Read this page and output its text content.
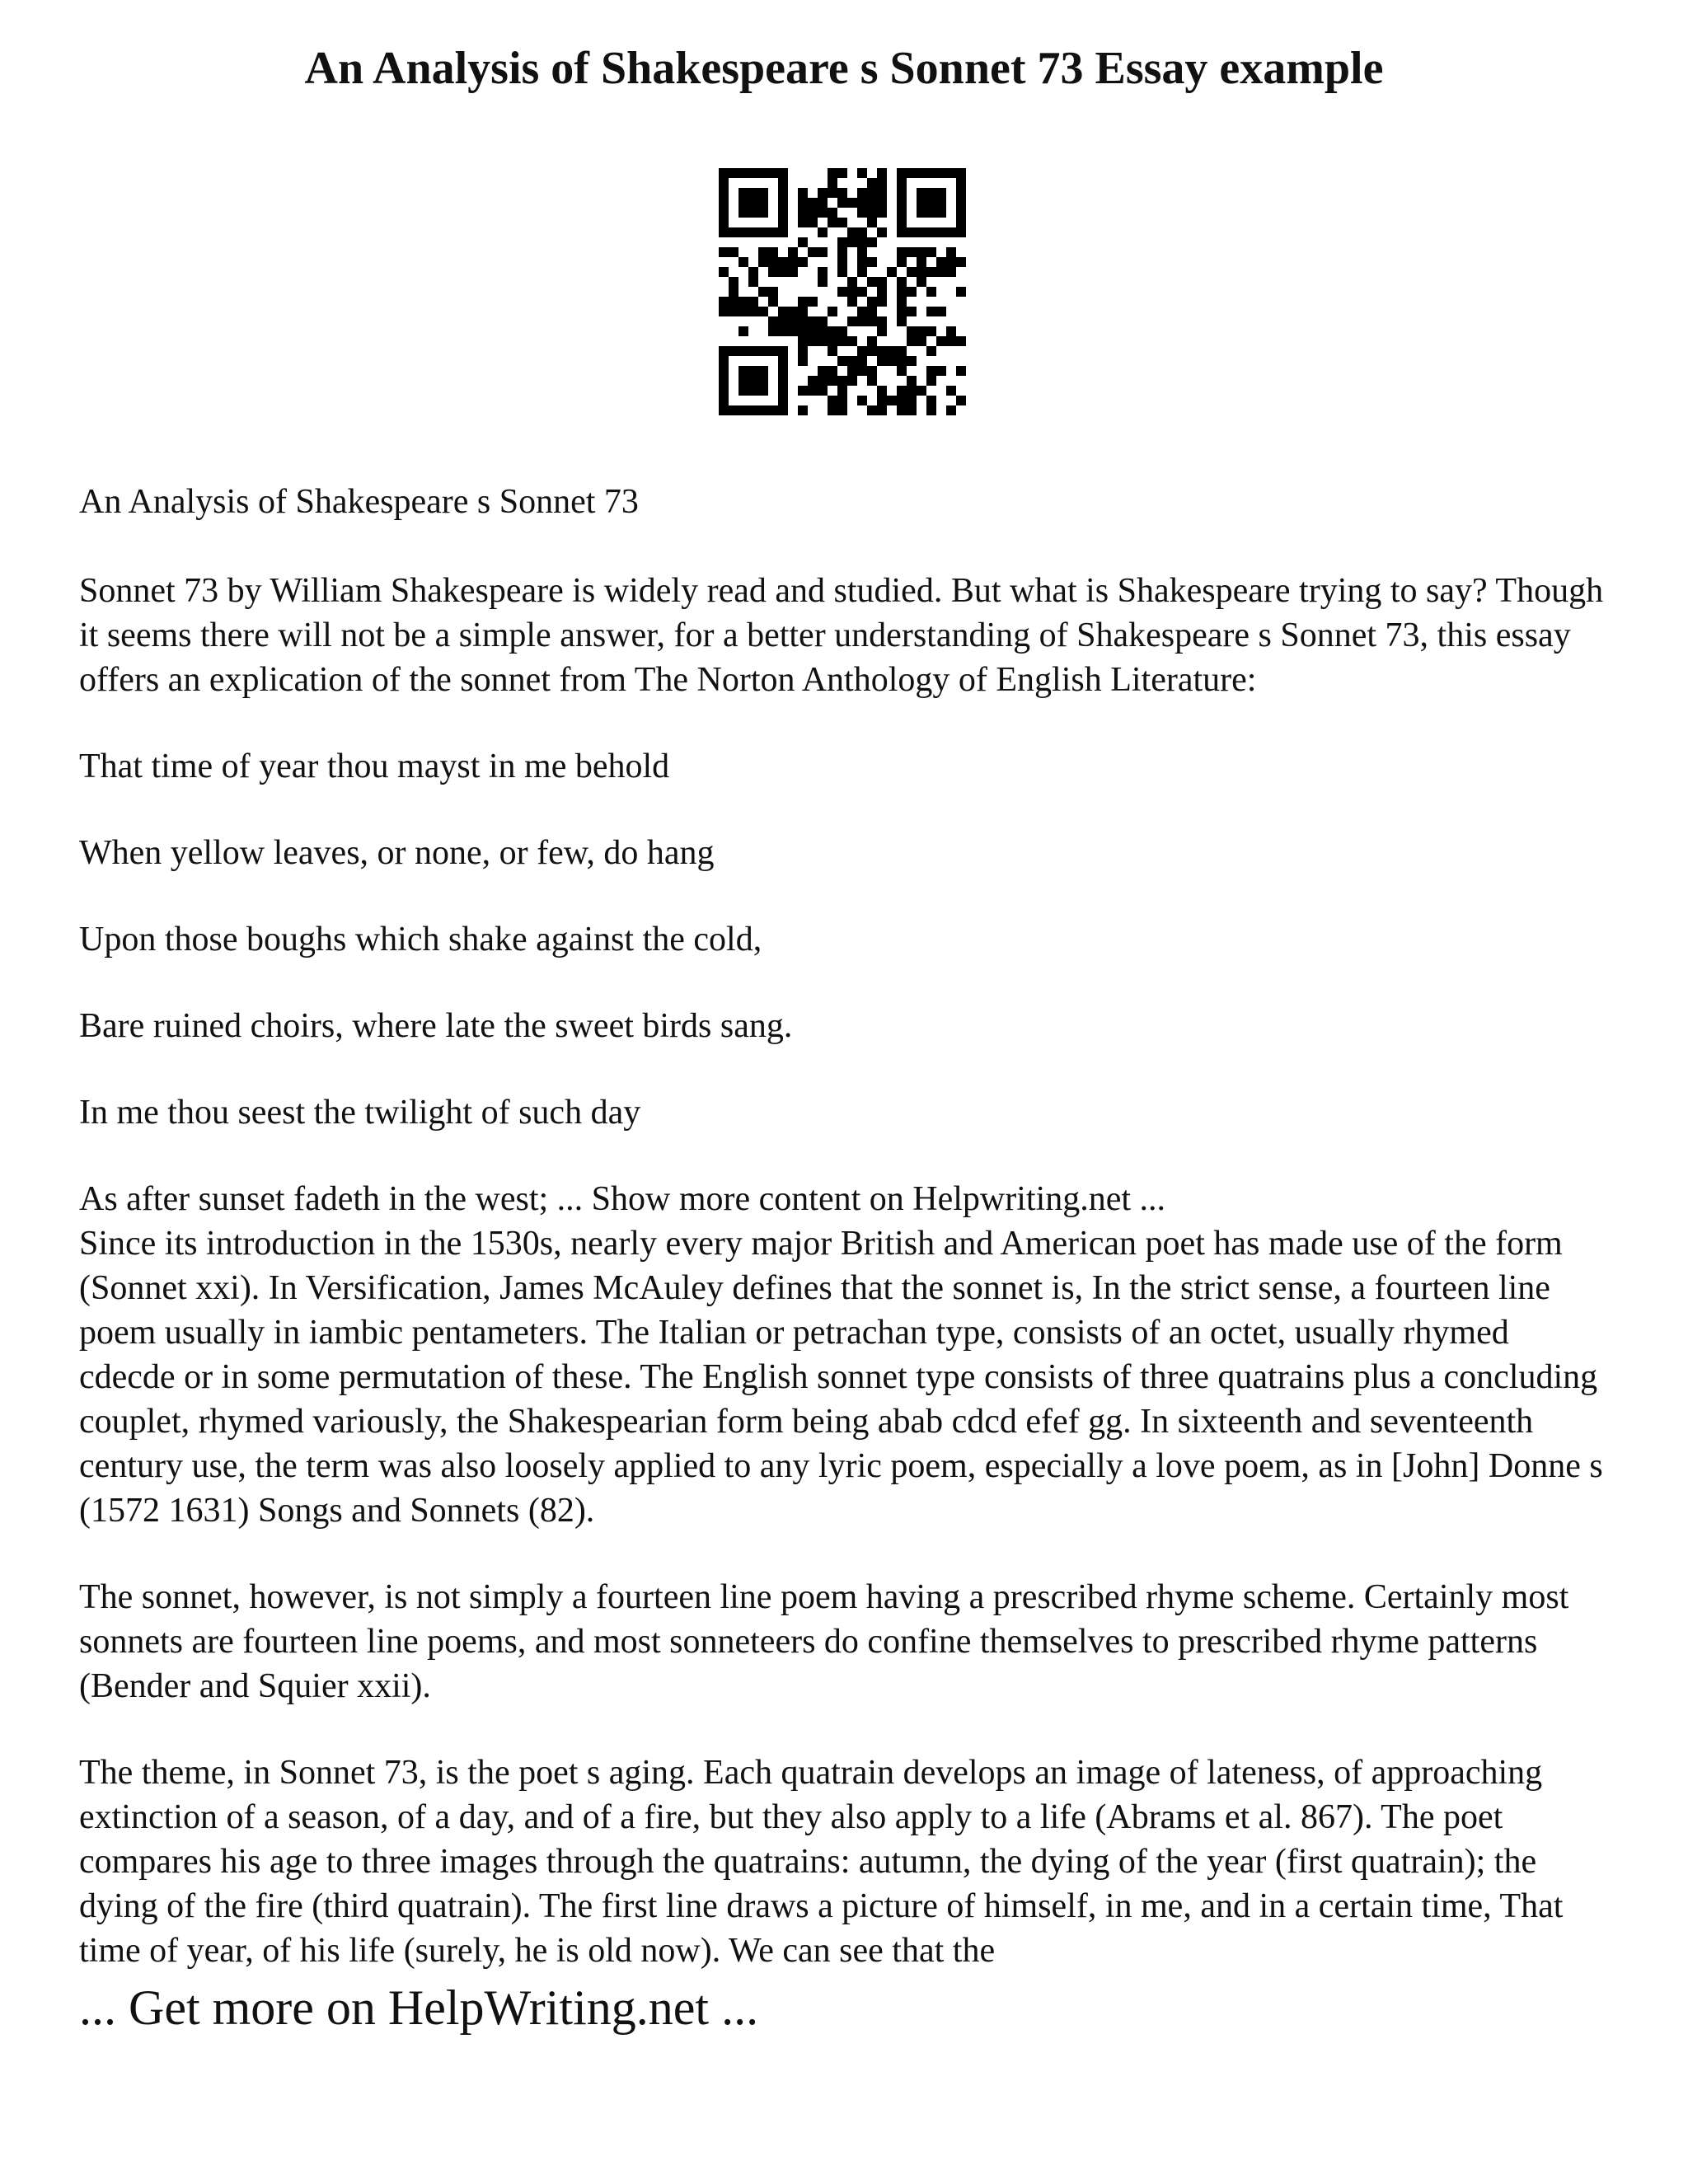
An Analysis of Shakespeare s Sonnet 73 Essay example

An Analysis of Shakespeare s Sonnet 73

Sonnet 73 by William Shakespeare is widely read and studied. But what is Shakespeare trying to say? Though it seems there will not be a simple answer, for a better understanding of Shakespeare s Sonnet 73, this essay offers an explication of the sonnet from The Norton Anthology of English Literature:

That time of year thou mayst in me behold

When yellow leaves, or none, or few, do hang

Upon those boughs which shake against the cold,

Bare ruined choirs, where late the sweet birds sang.

In me thou seest the twilight of such day

As after sunset fadeth in the west; ... Show more content on Helpwriting.net ...

Since its introduction in the 1530s, nearly every major British and American poet has made use of the form (Sonnet xxi). In Versification, James McAuley defines that the sonnet is, In the strict sense, a fourteen line poem usually in iambic pentameters. The Italian or petrachan type, consists of an octet, usually rhymed cdecde or in some permutation of these. The English sonnet type consists of three quatrains plus a concluding couplet, rhymed variously, the Shakespearian form being abab cdcd efef gg. In sixteenth and seventeenth century use, the term was also loosely applied to any lyric poem, especially a love poem, as in [John] Donne s (1572 1631) Songs and Sonnets (82).

The sonnet, however, is not simply a fourteen line poem having a prescribed rhyme scheme. Certainly most sonnets are fourteen line poems, and most sonneteers do confine themselves to prescribed rhyme patterns (Bender and Squier xxii).

The theme, in Sonnet 73, is the poet s aging. Each quatrain develops an image of lateness, of approaching extinction of a season, of a day, and of a fire, but they also apply to a life (Abrams et al. 867). The poet compares his age to three images through the quatrains: autumn, the dying of the year (first quatrain); the dying of the fire (third quatrain). The first line draws a picture of himself, in me, and in a certain time, That time of year, of his life (surely, he is old now). We can see that the

... Get more on HelpWriting.net ...
